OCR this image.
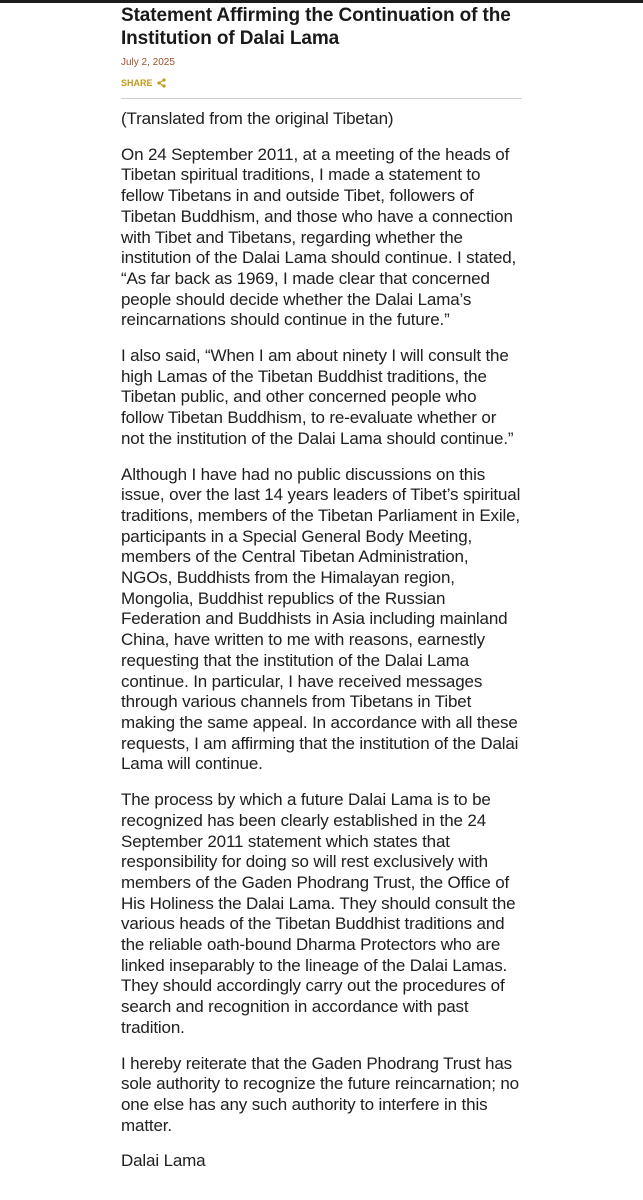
Statement Affirming the Continuation of the Institution of Dalai Lama
July 2, 2025
SHARE

(Translated from the original Tibetan)

On 24 September 2011, at a meeting of the heads of Tibetan spiritual traditions, I made a statement to fellow Tibetans in and outside Tibet, followers of Tibetan Buddhism, and those who have a connection with Tibet and Tibetans, regarding whether the institution of the Dalai Lama should continue. I stated, “As far back as 1969, I made clear that concerned people should decide whether the Dalai Lama’s reincarnations should continue in the future.”

I also said, “When I am about ninety I will consult the high Lamas of the Tibetan Buddhist traditions, the Tibetan public, and other concerned people who follow Tibetan Buddhism, to re-evaluate whether or not the institution of the Dalai Lama should continue.”

Although I have had no public discussions on this issue, over the last 14 years leaders of Tibet’s spiritual traditions, members of the Tibetan Parliament in Exile, participants in a Special General Body Meeting, members of the Central Tibetan Administration, NGOs, Buddhists from the Himalayan region, Mongolia, Buddhist republics of the Russian Federation and Buddhists in Asia including mainland China, have written to me with reasons, earnestly requesting that the institution of the Dalai Lama continue. In particular, I have received messages through various channels from Tibetans in Tibet making the same appeal. In accordance with all these requests, I am affirming that the institution of the Dalai Lama will continue.

The process by which a future Dalai Lama is to be recognized has been clearly established in the 24 September 2011 statement which states that responsibility for doing so will rest exclusively with members of the Gaden Phodrang Trust, the Office of His Holiness the Dalai Lama. They should consult the various heads of the Tibetan Buddhist traditions and the reliable oath-bound Dharma Protectors who are linked inseparably to the lineage of the Dalai Lamas. They should accordingly carry out the procedures of search and recognition in accordance with past tradition.

I hereby reiterate that the Gaden Phodrang Trust has sole authority to recognize the future reincarnation; no one else has any such authority to interfere in this matter.

Dalai Lama
